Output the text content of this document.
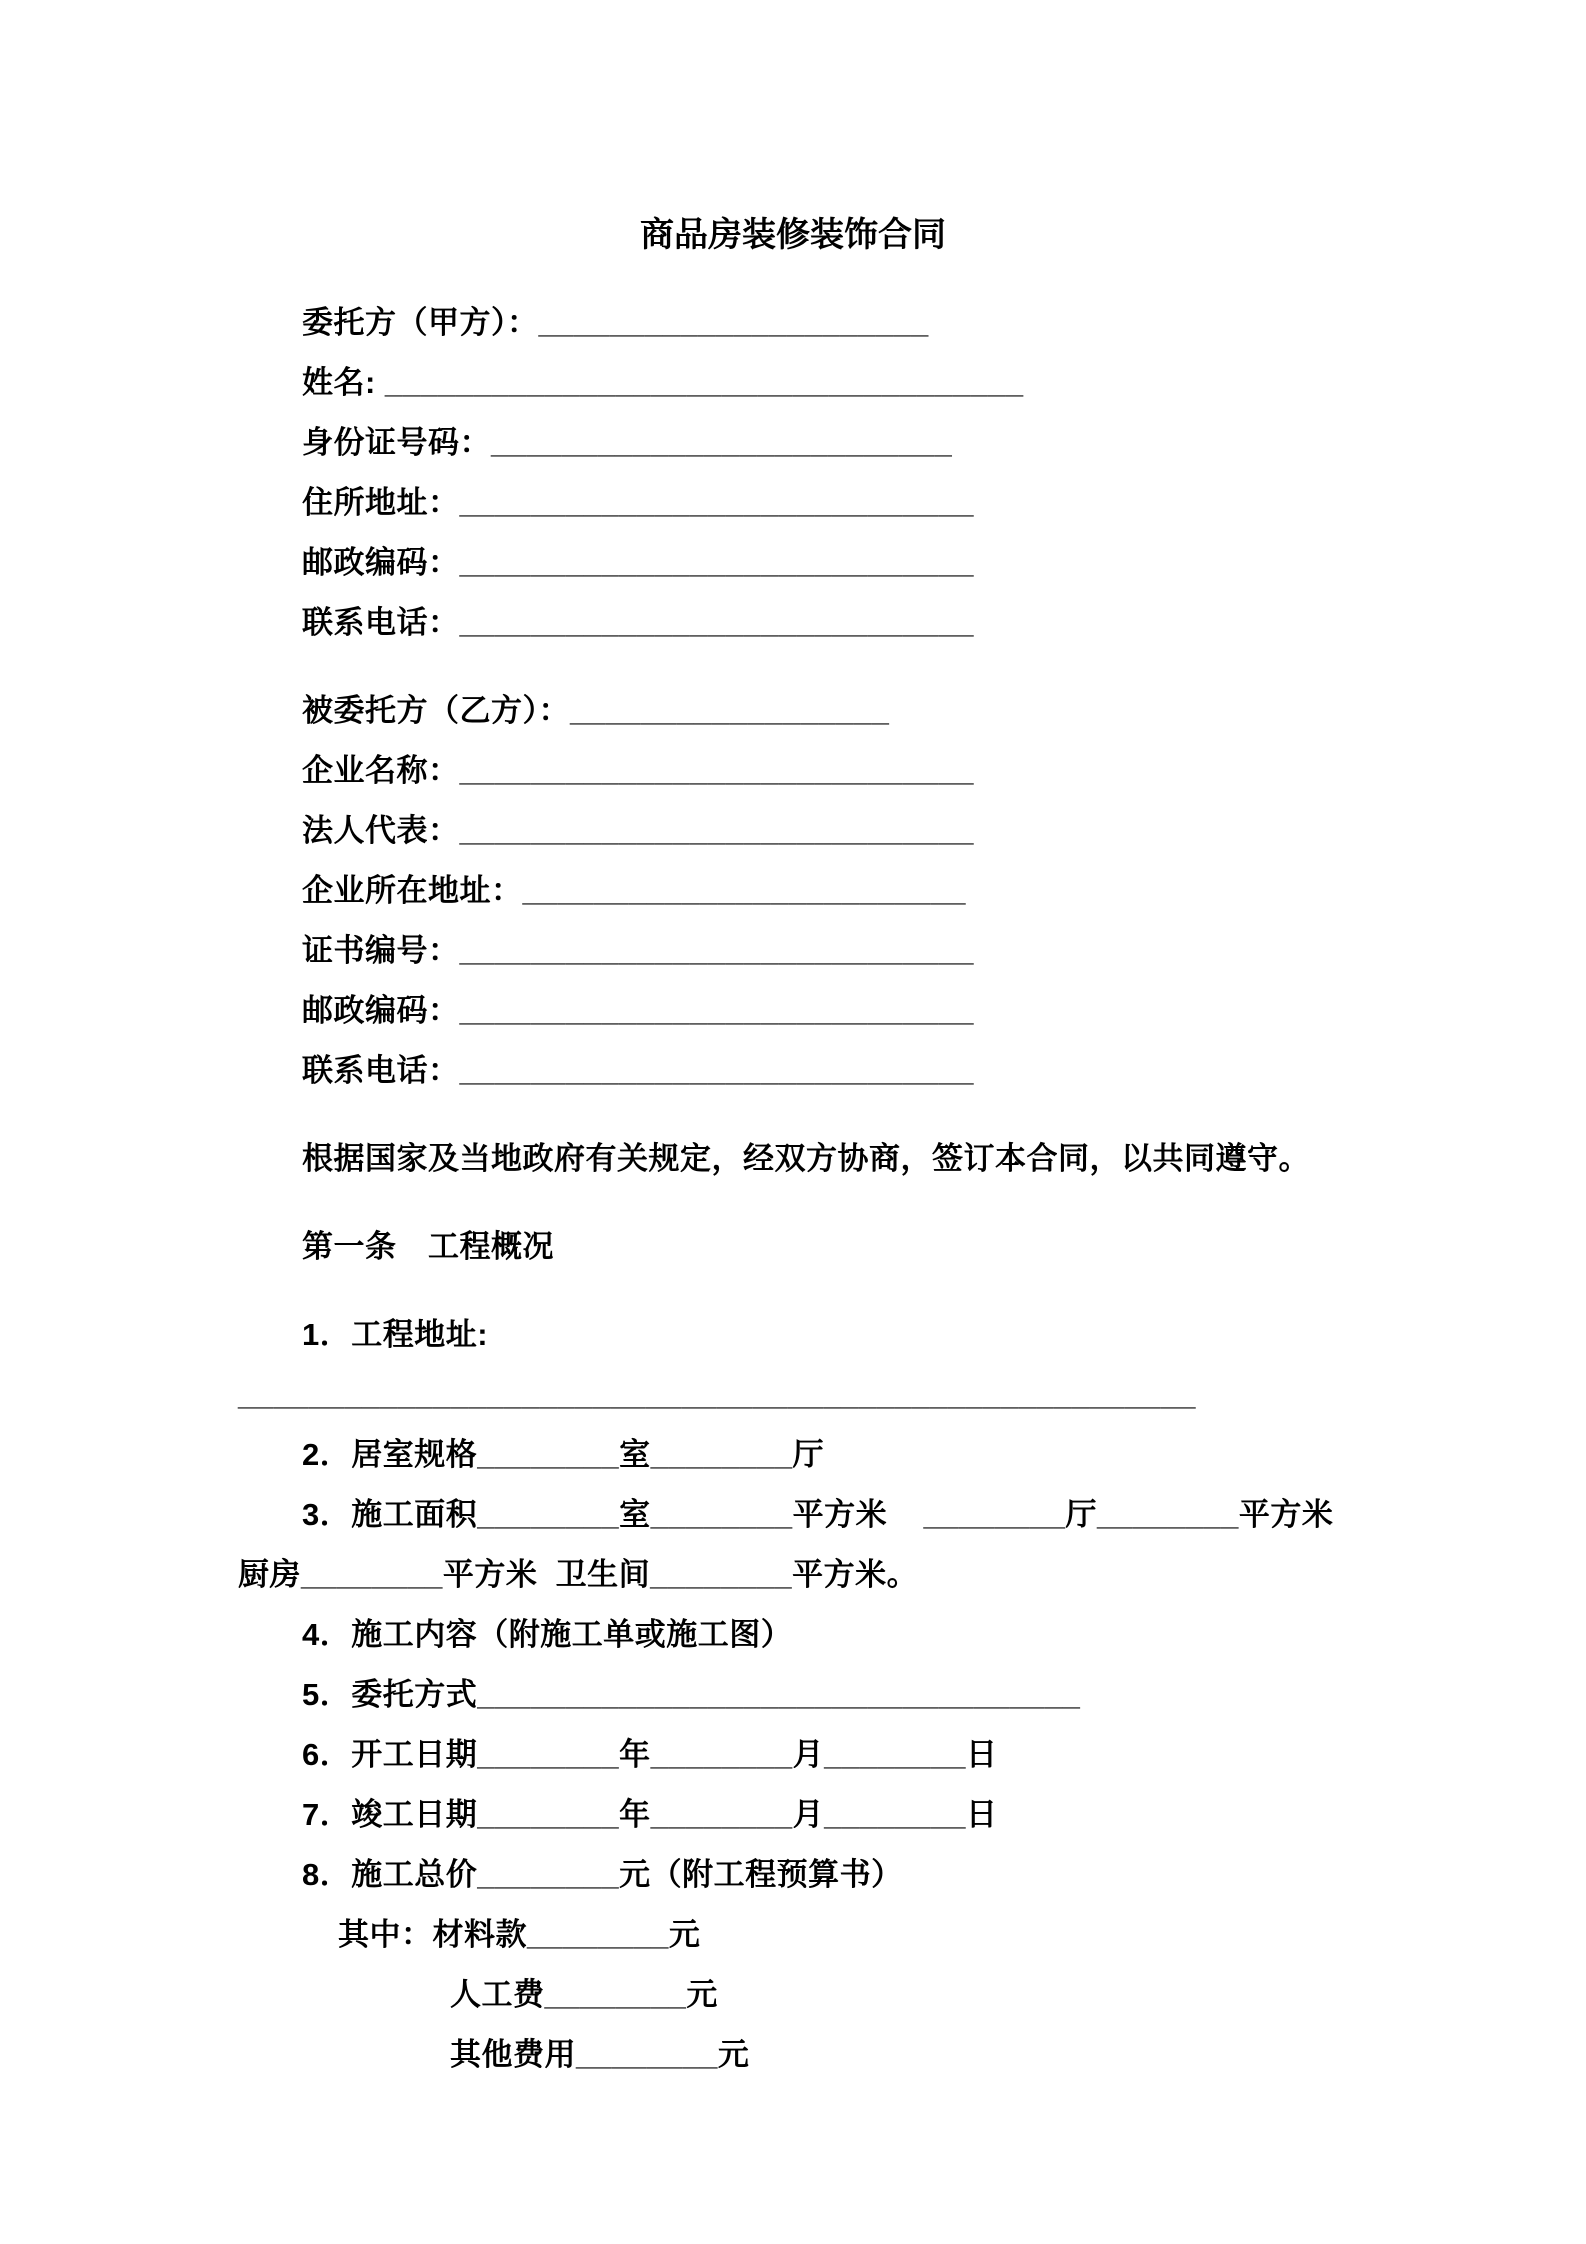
商品房装修装饰合同

委托方（甲方）：______________________

姓名: ____________________________________

身份证号码：__________________________

住所地址：_____________________________

邮政编码：_____________________________

联系电话：_____________________________

被委托方（乙方）：__________________

企业名称：_____________________________

法人代表：_____________________________

企业所在地址：_________________________

证书编号：_____________________________

邮政编码：_____________________________

联系电话：_____________________________

根据国家及当地政府有关规定，经双方协商，签订本合同，以共同遵守。

第一条　工程概况

1．工程地址: ______________________________________________________

2．居室规格________室________厅

3．施工面积________室________平方米    ________厅________平方米

厨房________平方米  卫生间________平方米。

4．施工内容（附施工单或施工图）

5．委托方式__________________________________

6．开工日期________年________月________日

7．竣工日期________年________月________日

8．施工总价________元（附工程预算书）

其中：材料款________元

人工费________元

其他费用________元
